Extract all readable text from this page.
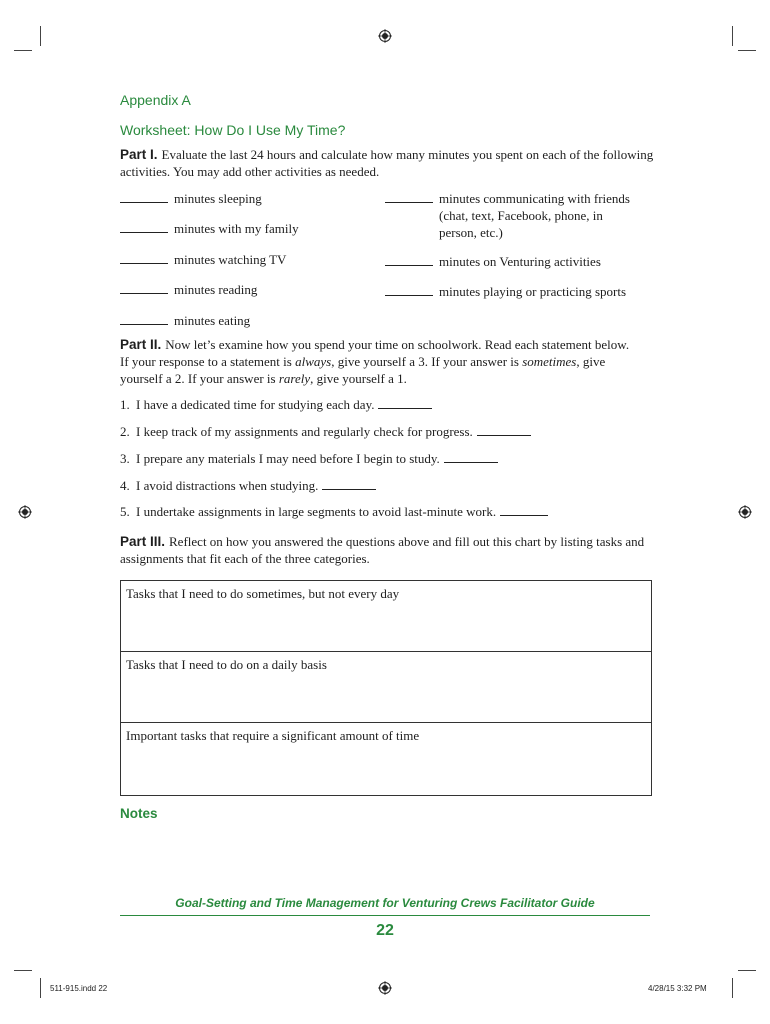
Appendix A
Worksheet: How Do I Use My Time?
Part I. Evaluate the last 24 hours and calculate how many minutes you spent on each of the following activities. You may add other activities as needed.
minutes sleeping
minutes with my family
minutes watching TV
minutes reading
minutes eating
minutes communicating with friends
(chat, text, Facebook, phone, in
person, etc.)
minutes on Venturing activities
minutes playing or practicing sports
Part II. Now let’s examine how you spend your time on schoolwork. Read each statement below.
If your response to a statement is always, give yourself a 3. If your answer is sometimes, give
yourself a 2. If your answer is rarely, give yourself a 1.
1. I have a dedicated time for studying each day.
2. I keep track of my assignments and regularly check for progress.
3. I prepare any materials I may need before I begin to study.
4. I avoid distractions when studying.
5. I undertake assignments in large segments to avoid last-minute work.
Part III. Reflect on how you answered the questions above and fill out this chart by listing tasks and assignments that fit each of the three categories.
Tasks that I need to do sometimes, but not every day
Tasks that I need to do on a daily basis
Important tasks that require a significant amount of time
Notes
Goal-Setting and Time Management for Venturing Crews Facilitator Guide
22
511-915.indd 22	4/28/15 3:32 PM
